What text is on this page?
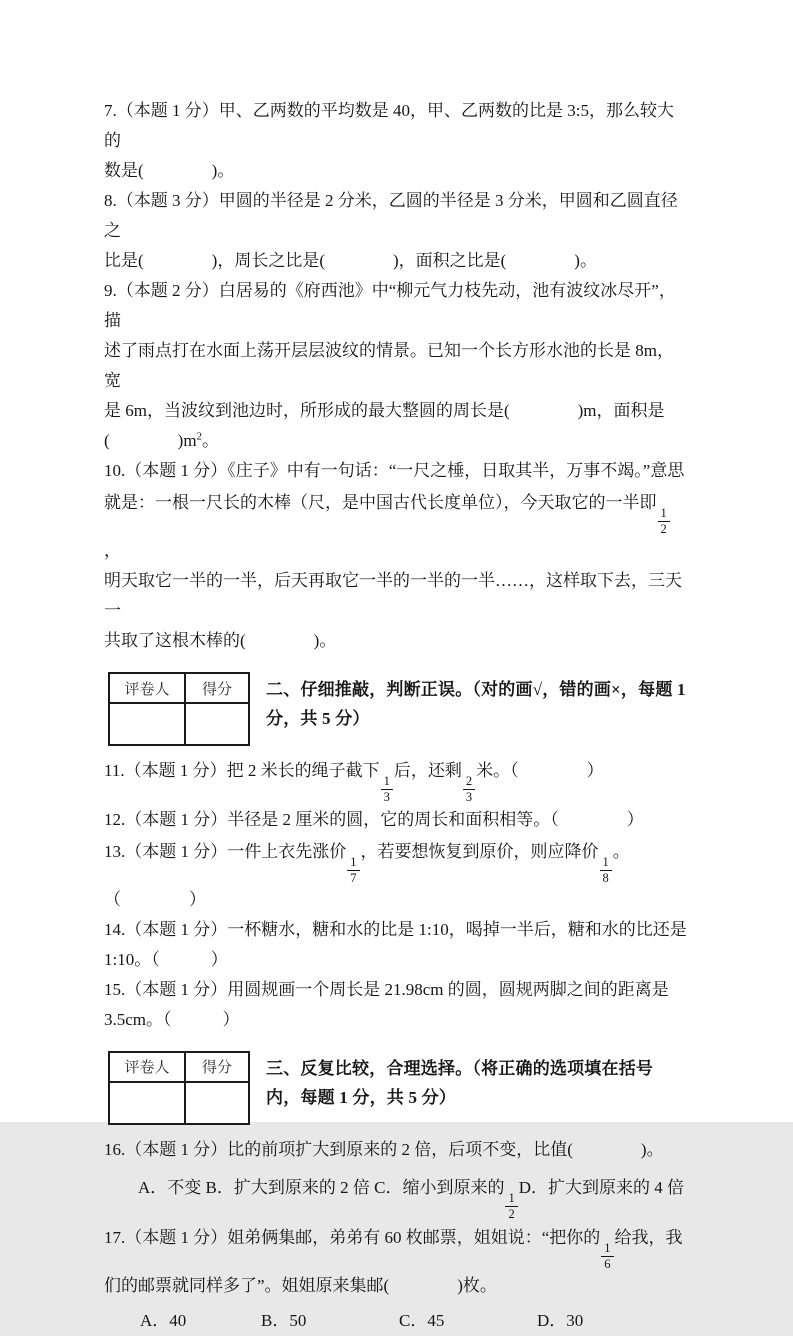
7.（本题 1 分）甲、乙两数的平均数是 40，甲、乙两数的比是 3:5，那么较大的
数是(　　　　)。
8.（本题 3 分）甲圆的半径是 2 分米，乙圆的半径是 3 分米，甲圆和乙圆直径之
比是(　　　　)，周长之比是(　　　　)，面积之比是(　　　　)。
9.（本题 2 分）白居易的《府西池》中“柳元气力枝先动，池有波纹冰尽开”，描
述了雨点打在水面上荡开层层波纹的情景。已知一个长方形水池的长是 8m，宽
是 6m，当波纹到池边时，所形成的最大整圆的周长是(　　　　)m，面积是
(　　　　)$m^2$。
10.（本题 1 分）《庄子》中有一句话：“一尺之棰，日取其半，万事不竭。”意思
就是：一根一尺长的木棒（尺，是中国古代长度单位），今天取它的一半即
$\frac{1}{2}$
，
明天取它一半的一半，后天再取它一半的一半的一半……，这样取下去，三天一
共取了这根木棒的(　　　　)。
评卷人	得分
	二、仔细推敲，判断正误。（对的画√，错的画×，每题 1 分，共 5 分）
11.（本题 1 分）把 2 米长的绳子截下
$\frac{1}{3}$
后，还剩
$\frac{2}{3}$
米。（　　　　）
12.（本题 1 分）半径是 2 厘米的圆，它的周长和面积相等。（　　　　）
13.（本题 1 分）一件上衣先涨价
$\frac{1}{7}$
，若要想恢复到原价，则应降价
$\frac{1}{8}$
。（　　　　）
14.（本题 1 分）一杯糖水，糖和水的比是 1:10，喝掉一半后，糖和水的比还是
1:10。（　　　）
15.（本题 1 分）用圆规画一个周长是 21.98cm 的圆，圆规两脚之间的距离是
3.5cm。（　　　）
评卷人	得分
	三、反复比较，合理选择。（将正确的选项填在括号内，每题 1 分，共 5 分）
16.（本题 1 分）比的前项扩大到原来的 2 倍，后项不变，比值(　　　　)。
A．不变 B．扩大到原来的 2 倍 C．缩小到原来的
$\frac{1}{2}$
D．扩大到原来的 4 倍
17.（本题 1 分）姐弟俩集邮，弟弟有 60 枚邮票，姐姐说：“把你的
$\frac{1}{6}$
给我，我
们的邮票就同样多了”。姐姐原来集邮(　　　　)枚。
A．40	B．50	C．45	D．30
